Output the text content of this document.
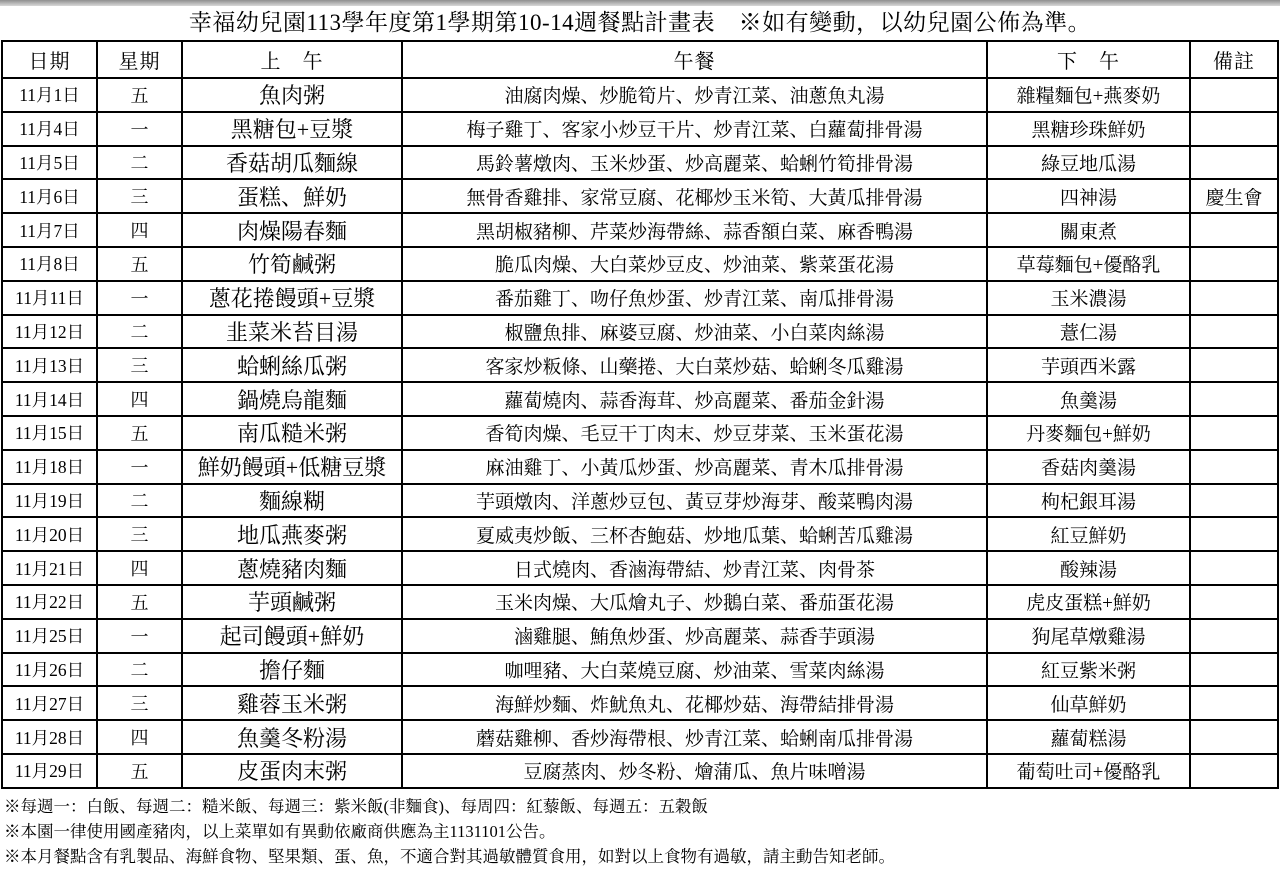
幸福幼兒園113學年度第1學期第10-14週餐點計畫表　※如有變動，以幼兒園公佈為準。
日期	星期	上　午	午餐	下　午	備註

11月1日	五	魚肉粥	油腐肉燥、炒脆筍片、炒青江菜、油蔥魚丸湯	雜糧麵包+燕麥奶	

11月4日	一	黑糖包+豆漿	梅子雞丁、客家小炒豆干片、炒青江菜、白蘿蔔排骨湯	黑糖珍珠鮮奶	

11月5日	二	香菇胡瓜麵線	馬鈴薯燉肉、玉米炒蛋、炒高麗菜、蛤蜊竹筍排骨湯	綠豆地瓜湯	

11月6日	三	蛋糕、鮮奶	無骨香雞排、家常豆腐、花椰炒玉米筍、大黃瓜排骨湯	四神湯	慶生會

11月7日	四	肉燥陽春麵	黑胡椒豬柳、芹菜炒海帶絲、蒜香額白菜、麻香鴨湯	關東煮	

11月8日	五	竹筍鹹粥	脆瓜肉燥、大白菜炒豆皮、炒油菜、紫菜蛋花湯	草莓麵包+優酪乳	

11月11日	一	蔥花捲饅頭+豆漿	番茄雞丁、吻仔魚炒蛋、炒青江菜、南瓜排骨湯	玉米濃湯	

11月12日	二	韭菜米苔目湯	椒鹽魚排、麻婆豆腐、炒油菜、小白菜肉絲湯	薏仁湯	

11月13日	三	蛤蜊絲瓜粥	客家炒粄條、山藥捲、大白菜炒菇、蛤蜊冬瓜雞湯	芋頭西米露	

11月14日	四	鍋燒烏龍麵	蘿蔔燒肉、蒜香海茸、炒高麗菜、番茄金針湯	魚羹湯	

11月15日	五	南瓜糙米粥	香筍肉燥、毛豆干丁肉末、炒豆芽菜、玉米蛋花湯	丹麥麵包+鮮奶	

11月18日	一	鮮奶饅頭+低糖豆漿	麻油雞丁、小黃瓜炒蛋、炒高麗菜、青木瓜排骨湯	香菇肉羹湯	

11月19日	二	麵線糊	芋頭燉肉、洋蔥炒豆包、黃豆芽炒海芽、酸菜鴨肉湯	枸杞銀耳湯	

11月20日	三	地瓜燕麥粥	夏威夷炒飯、三杯杏鮑菇、炒地瓜葉、蛤蜊苦瓜雞湯	紅豆鮮奶	

11月21日	四	蔥燒豬肉麵	日式燒肉、香滷海帶結、炒青江菜、肉骨茶	酸辣湯	

11月22日	五	芋頭鹹粥	玉米肉燥、大瓜燴丸子、炒鵝白菜、番茄蛋花湯	虎皮蛋糕+鮮奶	

11月25日	一	起司饅頭+鮮奶	滷雞腿、鮪魚炒蛋、炒高麗菜、蒜香芋頭湯	狗尾草燉雞湯	

11月26日	二	擔仔麵	咖哩豬、大白菜燒豆腐、炒油菜、雪菜肉絲湯	紅豆紫米粥	

11月27日	三	雞蓉玉米粥	海鮮炒麵、炸魷魚丸、花椰炒菇、海帶結排骨湯	仙草鮮奶	

11月28日	四	魚羹冬粉湯	蘑菇雞柳、香炒海帶根、炒青江菜、蛤蜊南瓜排骨湯	蘿蔔糕湯	

11月29日	五	皮蛋肉末粥	豆腐蒸肉、炒冬粉、燴蒲瓜、魚片味噌湯	葡萄吐司+優酪乳	

※每週一：白飯、每週二：糙米飯、每週三：紫米飯(非麵食)、每周四：紅藜飯、每週五：五穀飯
※本園一律使用國產豬肉，以上菜單如有異動依廠商供應為主1131101公告。
※本月餐點含有乳製品、海鮮食物、堅果類、蛋、魚，不適合對其過敏體質食用，如對以上食物有過敏，請主動告知老師。
